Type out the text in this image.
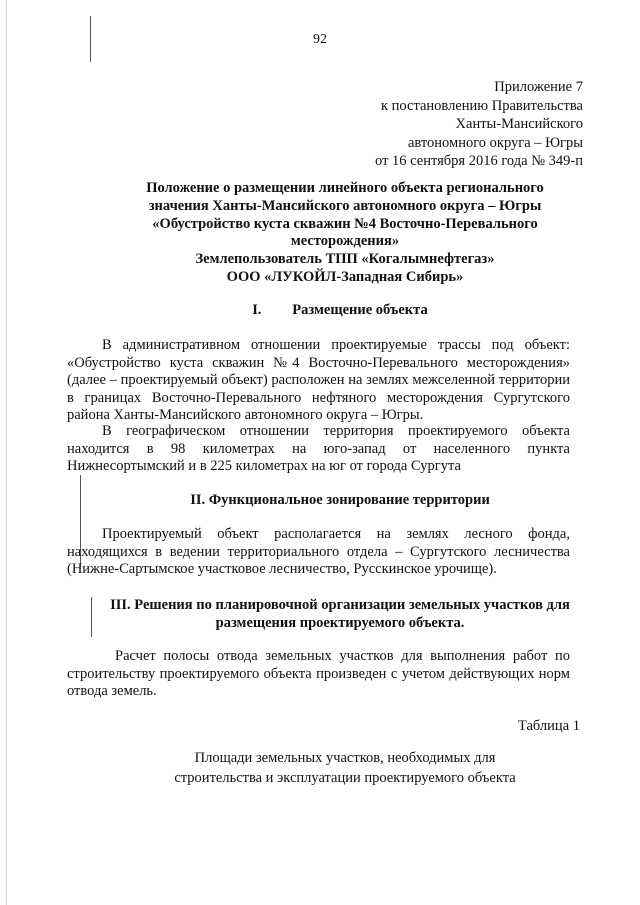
92
Приложение 7
к постановлению Правительства
Ханты-Мансийского
автономного округа – Югры
от 16 сентября 2016 года № 349-п
Положение о размещении линейного объекта регионального
значения Ханты-Мансийского автономного округа – Югры
«Обустройство куста скважин №4 Восточно-Перевального
месторождения»
Землепользователь ТПП «Когалымнефтегаз»
ООО «ЛУКОЙЛ-Западная Сибирь»
I. Размещение объекта
В административном отношении проектируемые трассы под объект: «Обустройство куста скважин №4 Восточно-Перевального месторождения» (далее – проектируемый объект) расположен на землях межселенной территории в границах Восточно-Перевального нефтяного месторождения Сургутского района Ханты-Мансийского автономного округа – Югры.
В географическом отношении территория проектируемого объекта находится в 98 километрах на юго-запад от населенного пункта Нижнесортымский и в 225 километрах на юг от города Сургута
II. Функциональное зонирование территории
Проектируемый объект располагается на землях лесного фонда, находящихся в ведении территориального отдела – Сургутского лесничества (Нижне-Сартымское участковое лесничество, Русскинское урочище).
III. Решения по планировочной организации земельных участков для
размещения проектируемого объекта.
Расчет полосы отвода земельных участков для выполнения работ по строительству проектируемого объекта произведен с учетом действующих норм отвода земель.
Таблица 1
Площади земельных участков, необходимых для
строительства и эксплуатации проектируемого объекта
